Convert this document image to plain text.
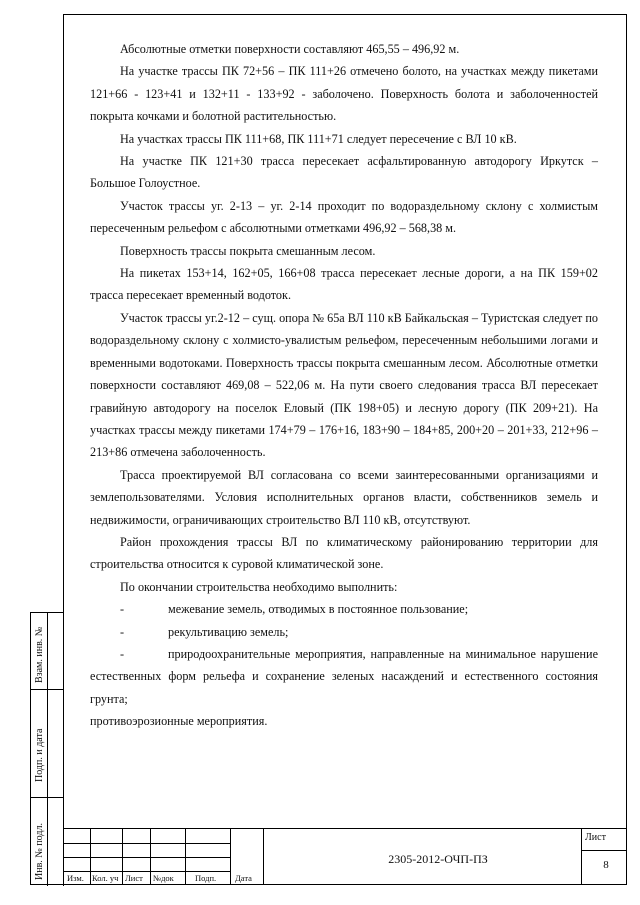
Абсолютные отметки поверхности составляют 465,55 – 496,92 м.

На участке трассы ПК 72+56 – ПК 111+26 отмечено болото, на участках между пикетами 121+66 - 123+41 и 132+11 - 133+92 - заболочено. Поверхность болота и заболоченностей покрыта кочками и болотной растительностью.

На участках трассы ПК 111+68, ПК 111+71 следует пересечение с ВЛ 10 кВ.

На участке ПК 121+30 трасса пересекает асфальтированную автодорогу Иркутск – Большое Голоустное.

Участок трассы уг. 2-13 – уг. 2-14 проходит по водораздельному склону с холмистым пересеченным рельефом с абсолютными отметками 496,92 – 568,38 м.

Поверхность трассы покрыта смешанным лесом.

На пикетах 153+14, 162+05, 166+08 трасса пересекает лесные дороги, а на ПК 159+02 трасса пересекает временный водоток.

Участок трассы уг.2-12 – сущ. опора № 65а ВЛ 110 кВ Байкальская – Туристская следует по водораздельному склону с холмисто-увалистым рельефом, пересеченным небольшими логами и временными водотоками. Поверхность трассы покрыта смешанным лесом. Абсолютные отметки поверхности составляют 469,08 – 522,06 м. На пути своего следования трасса ВЛ пересекает гравийную автодорогу на поселок Еловый (ПК 198+05) и лесную дорогу (ПК 209+21). На участках трассы между пикетами 174+79 – 176+16, 183+90 – 184+85, 200+20 – 201+33, 212+96 – 213+86 отмечена заболоченность.

Трасса проектируемой ВЛ согласована со всеми заинтересованными организациями и землепользователями. Условия исполнительных органов власти, собственников земель и недвижимости, ограничивающих строительство ВЛ 110 кВ, отсутствуют.

Район прохождения трассы ВЛ по климатическому районированию территории для строительства относится к суровой климатической зоне.

По окончании строительства необходимо выполнить:

-	межевание земель, отводимых в постоянное пользование;
-	рекультивацию земель;

-	природоохранительные мероприятия, направленные на минимальное нарушение естественных форм рельефа и сохранение зеленых насаждений и естественного состояния грунта;

противоэрозионные мероприятия.

Взам. инв. №
Подп. и дата
Инв. № подл.	Изм. Кол. уч Лист №док Подп. Дата
2305-2012-ОЧП-ПЗ
Лист
8
